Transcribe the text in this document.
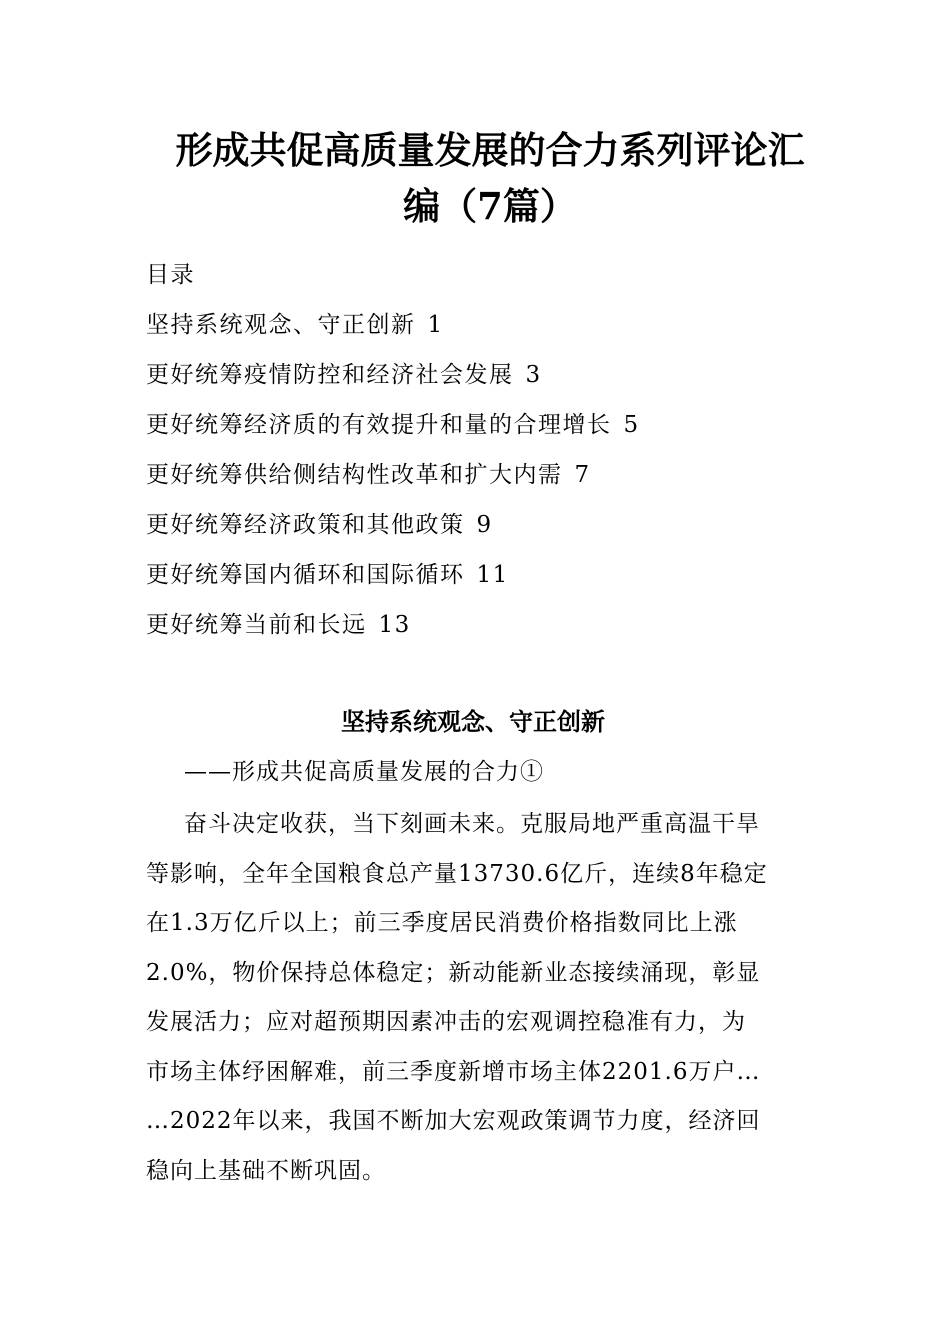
形成共促高质量发展的合力系列评论汇
编（7篇）
目录
坚持系统观念、守正创新 1
更好统筹疫情防控和经济社会发展 3
更好统筹经济质的有效提升和量的合理增长 5
更好统筹供给侧结构性改革和扩大内需 7
更好统筹经济政策和其他政策 9
更好统筹国内循环和国际循环 11
更好统筹当前和长远 13
坚持系统观念、守正创新
——形成共促高质量发展的合力①
奋斗决定收获，当下刻画未来。克服局地严重高温干旱
等影响，全年全国粮食总产量13730.6亿斤，连续8年稳定
在1.3万亿斤以上；前三季度居民消费价格指数同比上涨
2.0%，物价保持总体稳定；新动能新业态接续涌现，彰显
发展活力；应对超预期因素冲击的宏观调控稳准有力，为
市场主体纾困解难，前三季度新增市场主体2201.6万户…
…2022年以来，我国不断加大宏观政策调节力度，经济回
稳向上基础不断巩固。
